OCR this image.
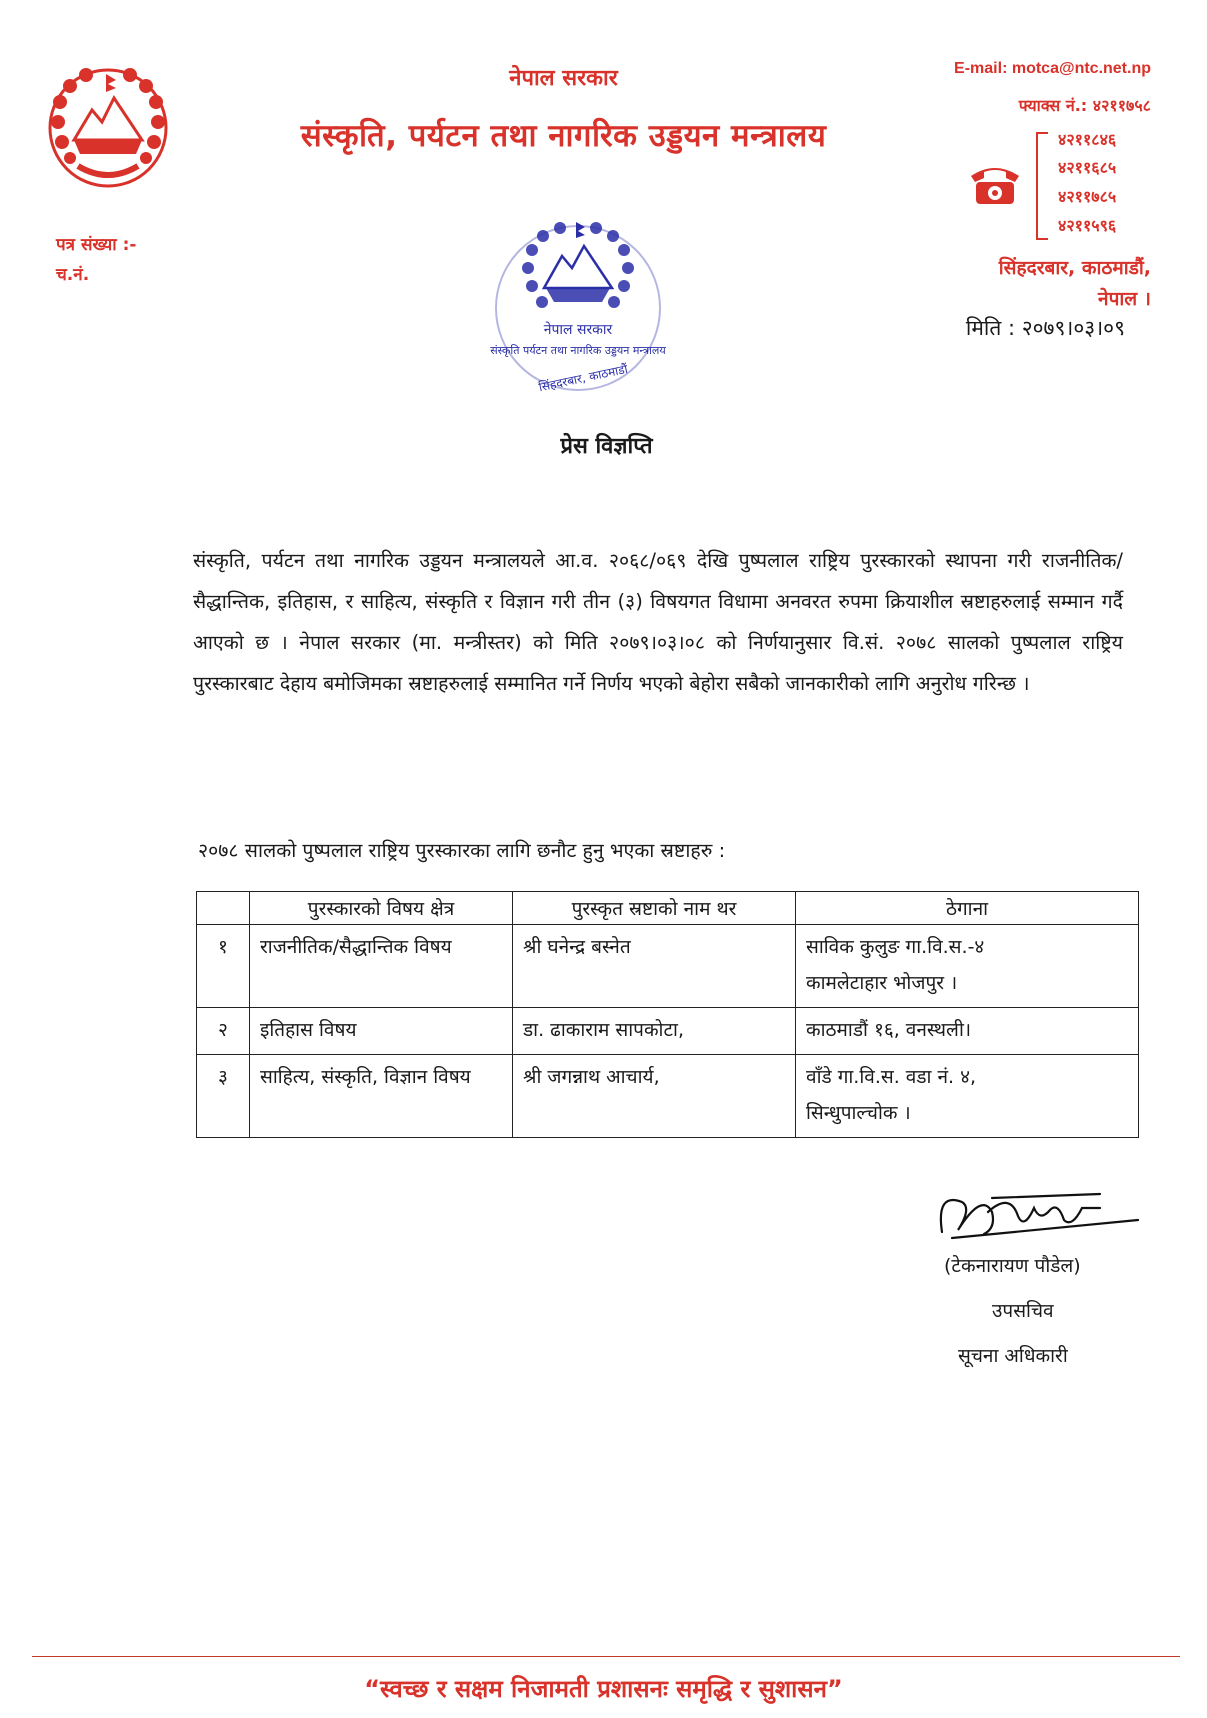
नेपाल सरकार
संस्कृति, पर्यटन तथा नागरिक उड्डयन मन्त्रालय
E-mail: motca@ntc.net.np
फ्याक्स नं.: ४२११७५८
४२११८४६
४२११६८५
४२११७८५
४२११५९६
सिंहदरबार, काठमाडौं,
नेपाल ।
मिति : २०७९।०३।०९
पत्र संख्या :-
च.नं.
नेपाल सरकार
संस्कृति पर्यटन तथा नागरिक उड्डयन मन्त्रालय
सिंहदरबार, काठमाडौं
प्रेस विज्ञप्ति
संस्कृति, पर्यटन तथा नागरिक उड्डयन मन्त्रालयले आ.व. २०६८/०६९ देखि पुष्पलाल राष्ट्रिय पुरस्कारको स्थापना गरी राजनीतिक/सैद्धान्तिक, इतिहास, र साहित्य, संस्कृति र विज्ञान गरी तीन (३) विषयगत विधामा अनवरत रुपमा क्रियाशील स्रष्टाहरुलाई सम्मान गर्दै आएको छ । नेपाल सरकार (मा. मन्त्रीस्तर) को मिति २०७९।०३।०८ को निर्णयानुसार वि.सं. २०७८ सालको पुष्पलाल राष्ट्रिय पुरस्कारबाट देहाय बमोजिमका स्रष्टाहरुलाई सम्मानित गर्ने निर्णय भएको बेहोरा सबैको जानकारीको लागि अनुरोध गरिन्छ ।
२०७८ सालको पुष्पलाल राष्ट्रिय पुरस्कारका लागि छनौट हुनु भएका स्रष्टाहरु :
	पुरस्कारको विषय क्षेत्र	पुरस्कृत स्रष्टाको नाम थर	ठेगाना
१	राजनीतिक/सैद्धान्तिक विषय	श्री घनेन्द्र बस्नेत	साविक कुलुङ गा.वि.स.-४
कामलेटाहार भोजपुर ।

२	इतिहास विषय	डा. ढाकाराम सापकोटा,	काठमाडौं १६, वनस्थली।

३	साहित्य, संस्कृति, विज्ञान विषय	श्री जगन्नाथ आचार्य,	वाँडे गा.वि.स. वडा नं. ४,
सिन्धुपाल्चोक ।
(टेकनारायण पौडेल)
उपसचिव
सूचना अधिकारी
“स्वच्छ र सक्षम निजामती प्रशासनः समृद्धि र सुशासन”
